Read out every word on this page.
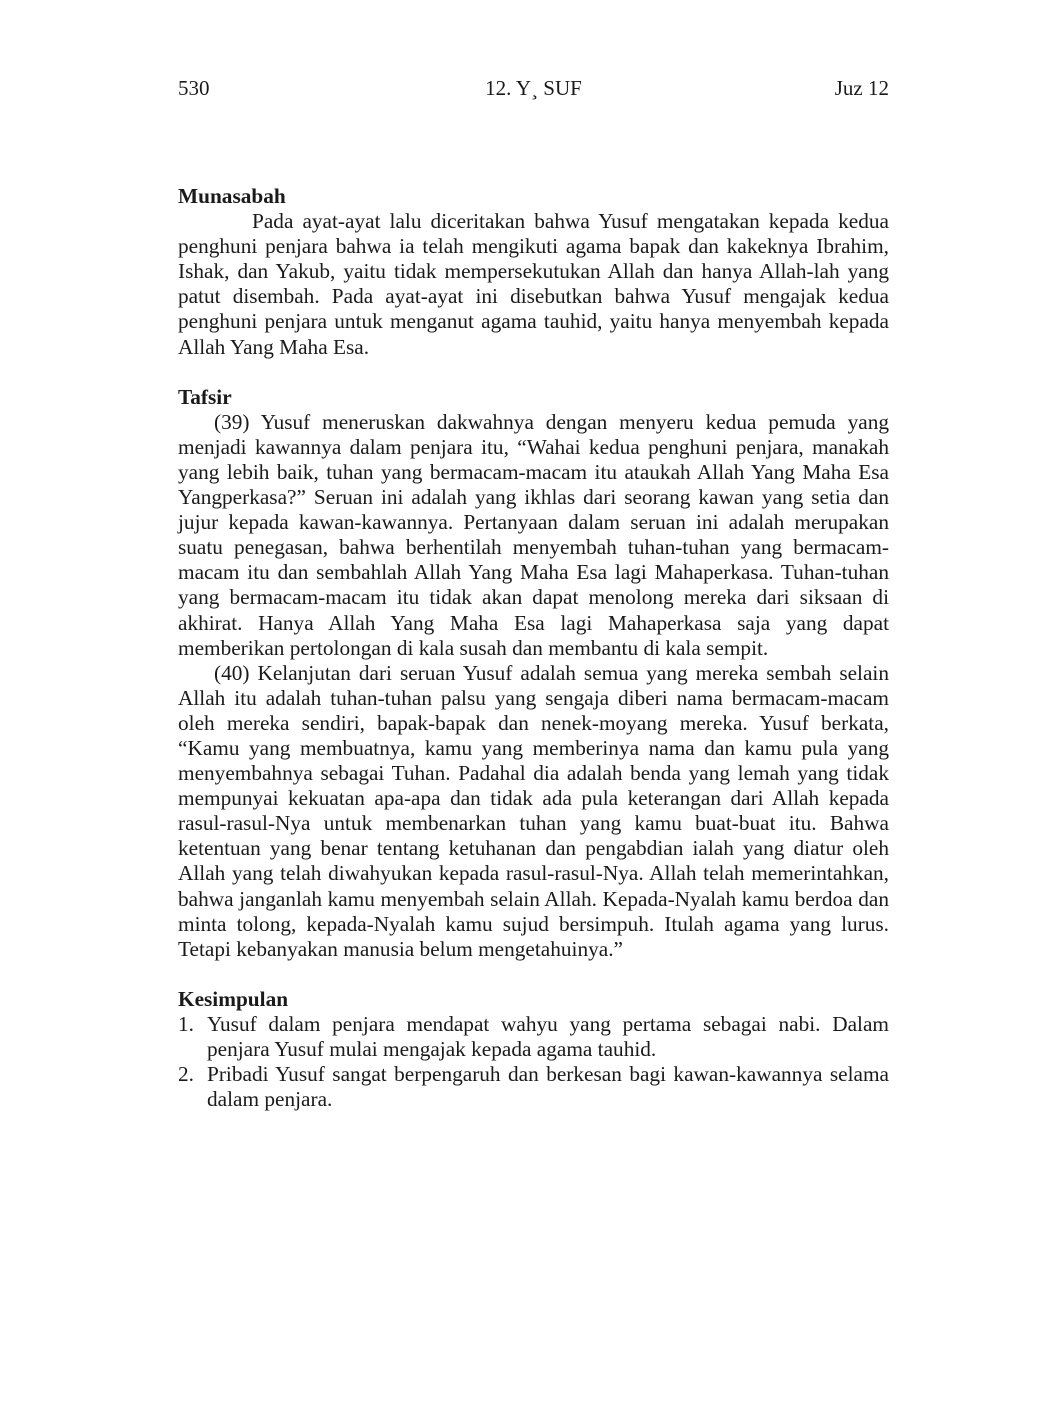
530	12. Y¸ SUF	Juz 12
Munasabah

Pada ayat-ayat lalu diceritakan bahwa Yusuf mengatakan kepada kedua penghuni penjara bahwa ia telah mengikuti agama bapak dan kakeknya Ibrahim, Ishak, dan Yakub, yaitu tidak mempersekutukan Allah dan hanya Allah-lah yang patut disembah. Pada ayat-ayat ini disebutkan bahwa Yusuf mengajak kedua penghuni penjara untuk menganut agama tauhid, yaitu hanya menyembah kepada Allah Yang Maha Esa.

Tafsir

(39) Yusuf meneruskan dakwahnya dengan menyeru kedua pemuda yang menjadi kawannya dalam penjara itu, “Wahai kedua penghuni penjara, manakah yang lebih baik, tuhan yang bermacam-macam itu ataukah Allah Yang Maha Esa Yangperkasa?” Seruan ini adalah yang ikhlas dari seorang kawan yang setia dan jujur kepada kawan-kawannya. Pertanyaan dalam seruan ini adalah merupakan suatu penegasan, bahwa berhentilah menyembah tuhan-tuhan yang bermacam-macam itu dan sembahlah Allah Yang Maha Esa lagi Mahaperkasa. Tuhan-tuhan yang bermacam-macam itu tidak akan dapat menolong mereka dari siksaan di akhirat. Hanya Allah Yang Maha Esa lagi Mahaperkasa saja yang dapat memberikan pertolongan di kala susah dan membantu di kala sempit.

(40) Kelanjutan dari seruan Yusuf adalah semua yang mereka sembah selain Allah itu adalah tuhan-tuhan palsu yang sengaja diberi nama bermacam-macam oleh mereka sendiri, bapak-bapak dan nenek-moyang mereka. Yusuf berkata, “Kamu yang membuatnya, kamu yang memberinya nama dan kamu pula yang menyembahnya sebagai Tuhan. Padahal dia adalah benda yang lemah yang tidak mempunyai kekuatan apa-apa dan tidak ada pula keterangan dari Allah kepada rasul-rasul-Nya untuk membenarkan tuhan yang kamu buat-buat itu. Bahwa ketentuan yang benar tentang ketuhanan dan pengabdian ialah yang diatur oleh Allah yang telah diwahyukan kepada rasul-rasul-Nya. Allah telah memerintahkan, bahwa janganlah kamu menyembah selain Allah. Kepada-Nyalah kamu berdoa dan minta tolong, kepada-Nyalah kamu sujud bersimpuh. Itulah agama yang lurus. Tetapi kebanyakan manusia belum mengetahuinya.”

Kesimpulan
1. Yusuf dalam penjara mendapat wahyu yang pertama sebagai nabi. Dalam penjara Yusuf mulai mengajak kepada agama tauhid.
2. Pribadi Yusuf sangat berpengaruh dan berkesan bagi kawan-kawannya selama dalam penjara.
